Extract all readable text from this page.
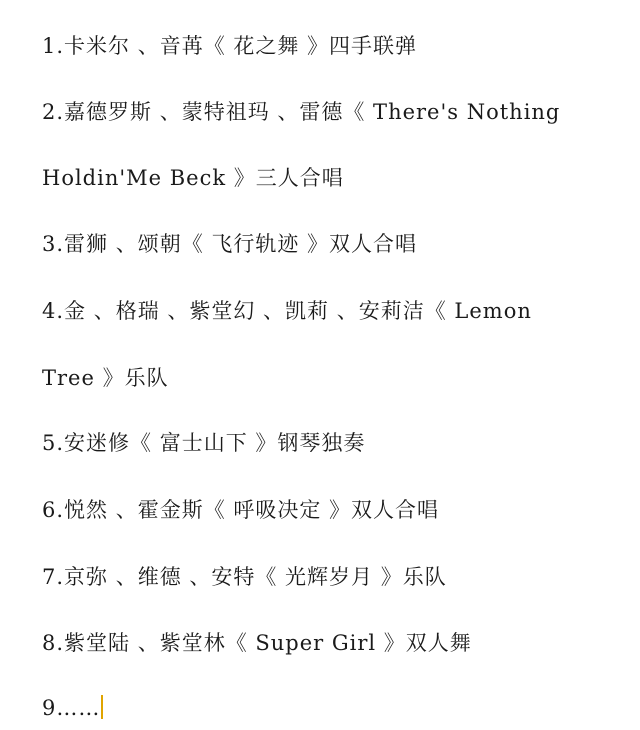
1.卡米尔 、音苒《 花之舞 》四手联弹
2.嘉德罗斯 、蒙特祖玛 、雷德《 There's Nothing
Holdin'Me Beck 》三人合唱
3.雷狮 、颂朝《 飞行轨迹 》双人合唱
4.金 、格瑞 、紫堂幻 、凯莉 、安莉洁《 Lemon
Tree 》乐队
5.安迷修《 富士山下 》钢琴独奏
6.悦然 、霍金斯《 呼吸决定 》双人合唱
7.京弥 、维德 、安特《 光辉岁月 》乐队
8.紫堂陆 、紫堂林《 Super Girl 》双人舞
9……
